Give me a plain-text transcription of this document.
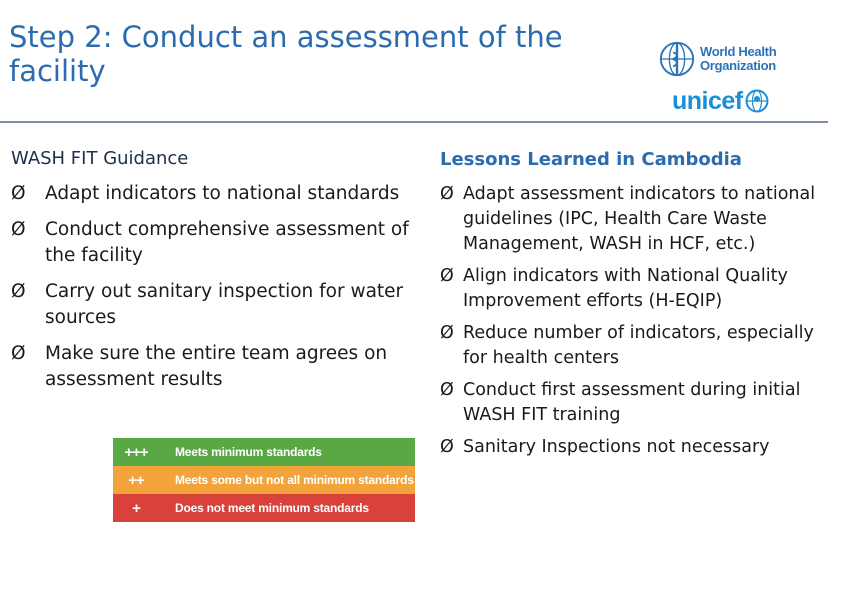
Step 2: Conduct an assessment of the
facility
World Health
Organization
unicef
WASH FIT Guidance
Ø	Adapt indicators to national standards
Ø	Conduct comprehensive assessment of the facility
Ø	Carry out sanitary inspection for water sources
Ø	Make sure the entire team agrees on assessment results
+++	Meets minimum standards
++	Meets some but not all minimum standards
+	Does not meet minimum standards
Lessons Learned in Cambodia
Ø Adapt assessment indicators to national guidelines (IPC, Health Care Waste Management, WASH in HCF, etc.)
Ø Align indicators with National Quality Improvement efforts (H-EQIP)
Ø Reduce number of indicators, especially for health centers
Ø Conduct first assessment during initial WASH FIT training
Ø Sanitary Inspections not necessary
